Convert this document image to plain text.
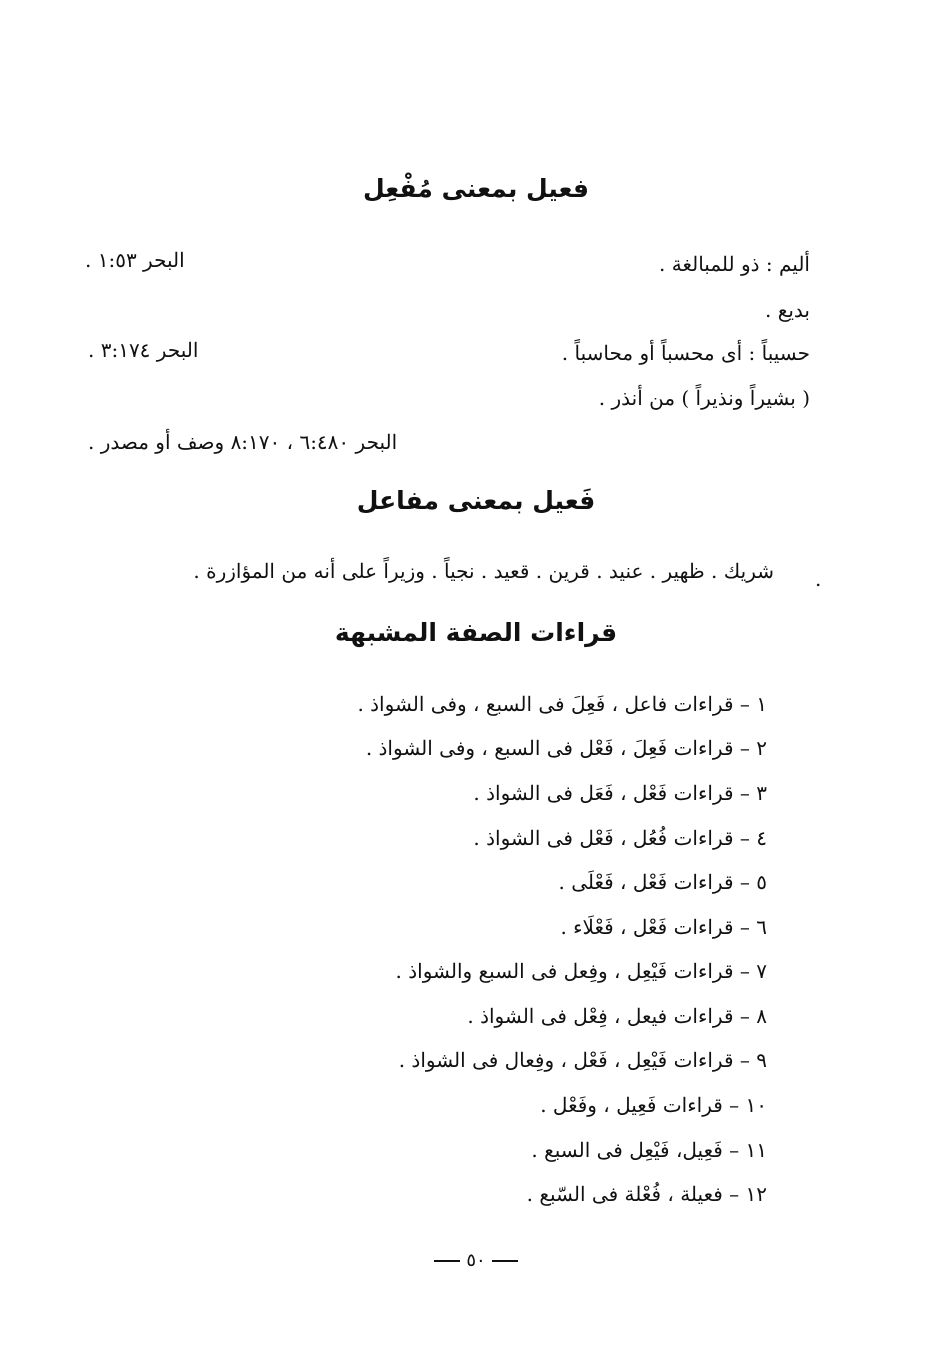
فعيل بمعنى مُفْعِل
أليم : ذو للمبالغة .
البحر ١:٥٣ .
بديع .
حسيباً : أى محسباً أو محاسباً .
البحر ٣:١٧٤ .
( بشيراً ونذيراً ) من أنذر .
البحر ٦:٤٨٠ ، ٨:١٧٠ وصف أو مصدر .
فَعيل بمعنى مفاعل
شريك . ظهير . عنيد . قرين . قعيد . نجياً . وزيراً على أنه من المؤازرة . .
قراءات الصفة المشبهة
١ – قراءات فاعل ، فَعِلَ فى السبع ، وفى الشواذ .
٢ – قراءات فَعِلَ ، فَعْل فى السبع ، وفى الشواذ .
٣ – قراءات فَعْل ، فَعَل فى الشواذ .
٤ – قراءات فُعُل ، فَعْل فى الشواذ .
٥ – قراءات فَعْل ، فَعْلَى .
٦ – قراءات فَعْل ، فَعْلَاء .
٧ – قراءات فَيْعِل ، وفِعل فى السبع والشواذ .
٨ – قراءات فيعل ، فِعْل فى الشواذ .
٩ – قراءات فَيْعِل ، فَعْل ، وفِعال فى الشواذ .
١٠ – قراءات فَعِيل ، وفَعْل .
١١ – فَعِيل، فَيْعِل فى السبع .
١٢ – فعيلة ، فُعْلة فى السّبع .
٥٠
